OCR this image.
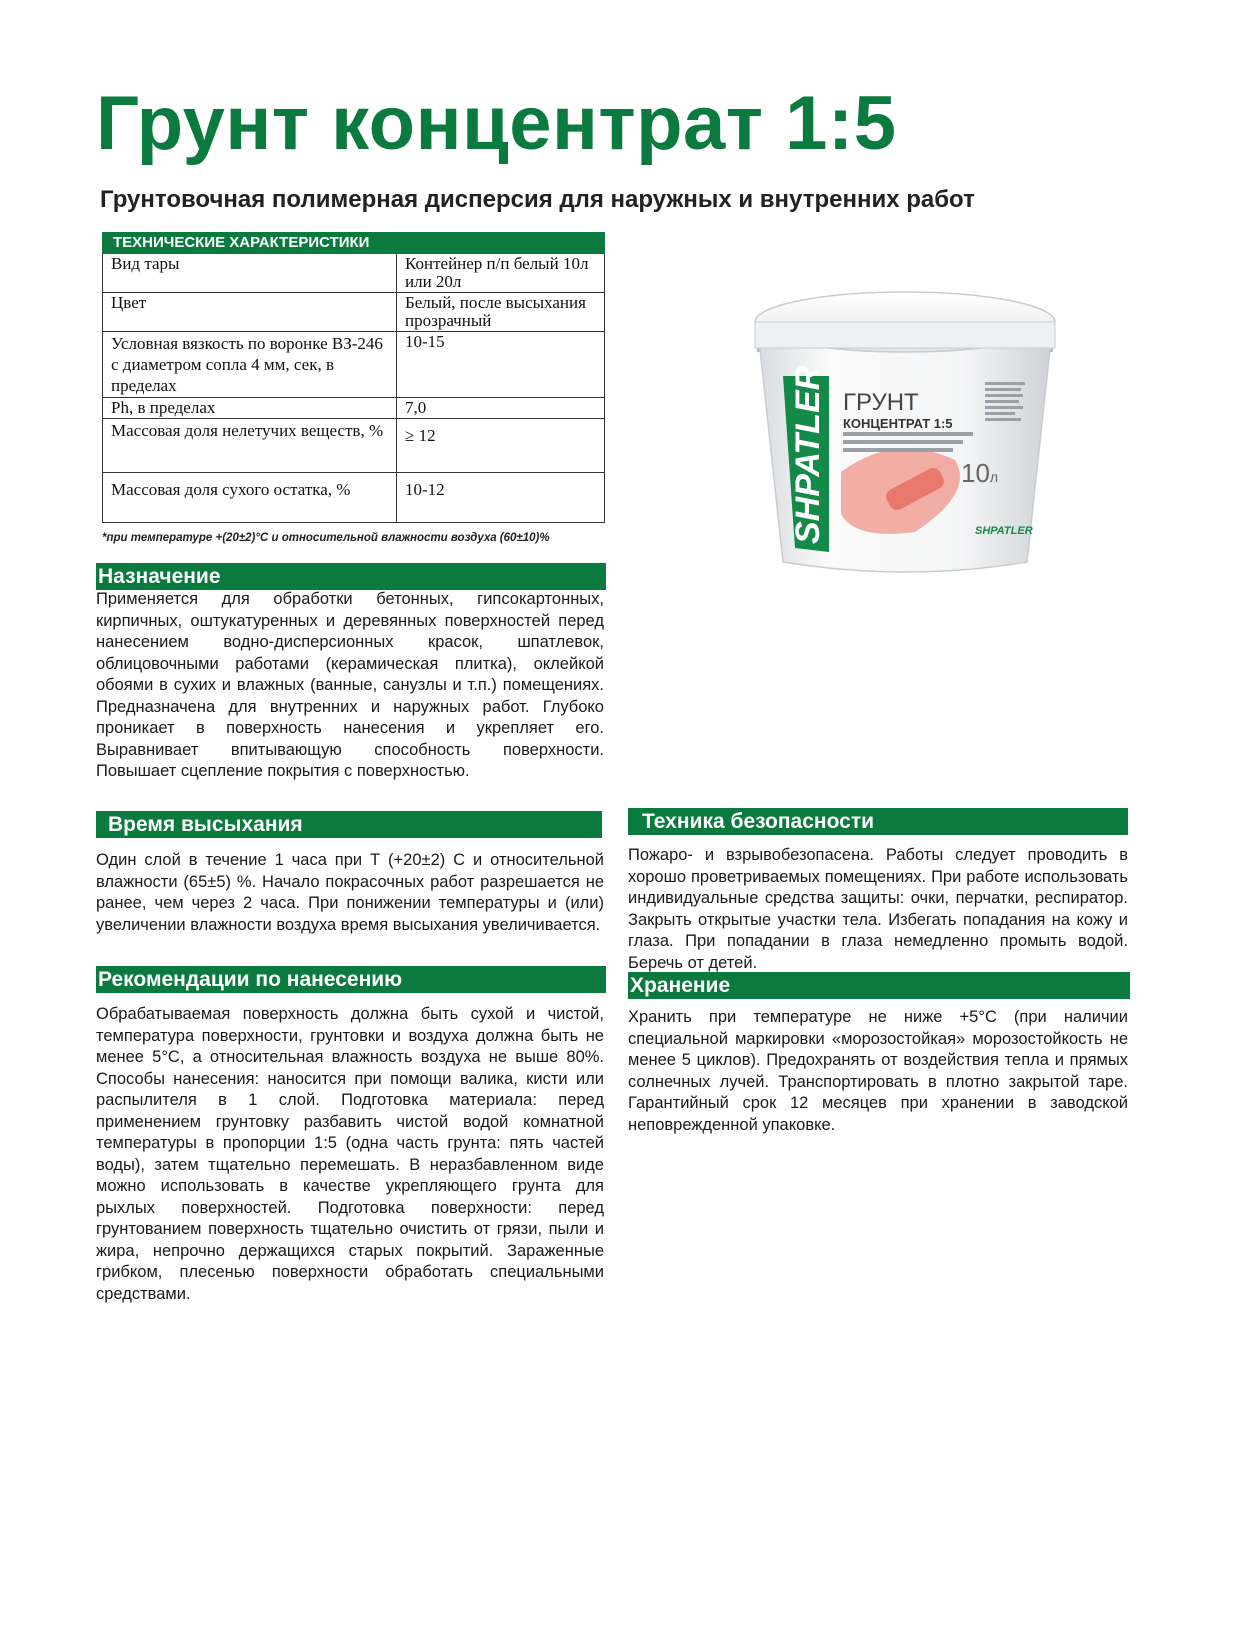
Грунт концентрат 1:5
Грунтовочная полимерная дисперсия для наружных и внутренних работ
ТЕХНИЧЕСКИЕ ХАРАКТЕРИСТИКИ	
Вид тары	Контейнер п/п белый 10л или 20л
Цвет	Белый, после высыхания прозрачный
Условная вязкость по воронке ВЗ-246 с диаметром сопла 4 мм, сек, в пределах	10-15
Ph, в пределах	7,0
Массовая доля нелетучих веществ, %	≥ 12
Массовая доля сухого остатка, %	10-12

*при температуре +(20±2)°С и относительной влажности воздуха (60±10)%	SHPATLER ГРУНТ
КОНЦЕНТРАТ 1:5
10л
SHPATLER
Назначение

Применяется для обработки бетонных, гипсокартонных, кирпичных, оштукатуренных и деревянных поверхностей перед нанесением водно-дисперсионных красок, шпатлевок, облицовочными работами (керамическая плитка), оклейкой обоями в сухих и влажных (ванные, санузлы и т.п.) помещениях. Предназначена для внутренних и наружных работ. Глубоко проникает в поверхность нанесения и укрепляет его. Выравнивает впитывающую способность поверхности. Повышает сцепление покрытия с поверхностью.

Время высыхания

Один слой в течение 1 часа при Т (+20±2) С и относительной влажности (65±5) %. Начало покрасочных работ разрешается не ранее, чем через 2 часа. При понижении температуры и (или) увеличении влажности воздуха время высыхания увеличивается.

Рекомендации по нанесению

Обрабатываемая поверхность должна быть сухой и чистой, температура поверхности, грунтовки и воздуха должна быть не менее 5°С, а относительная влажность воздуха не выше 80%. Способы нанесения: наносится при помощи валика, кисти или распылителя в 1 слой. Подготовка материала: перед применением грунтовку разбавить чистой водой комнатной температуры в пропорции 1:5 (одна часть грунта: пять частей воды), затем тщательно перемешать. В неразбавленном виде можно использовать в качестве укрепляющего грунта для рыхлых поверхностей. Подготовка поверхности: перед грунтованием поверхность тщательно очистить от грязи, пыли и жира, непрочно держащихся старых покрытий. Зараженные грибком, плесенью поверхности обработать специальными средствами.

Техника безопасности

Пожаро- и взрывобезопасена. Работы следует проводить в хорошо проветриваемых помещениях. При работе использовать индивидуальные средства защиты: очки, перчатки, респиратор. Закрыть открытые участки тела. Избегать попадания на кожу и глаза. При попадании в глаза немедленно промыть водой. Беречь от детей.

Хранение

Хранить при температуре не ниже +5°С (при наличии специальной маркировки «морозостойкая» морозостойкость не менее 5 циклов). Предохранять от воздействия тепла и прямых солнечных лучей. Транспортировать в плотно закрытой таре. Гарантийный срок 12 месяцев при хранении в заводской неповрежденной упаковке.
